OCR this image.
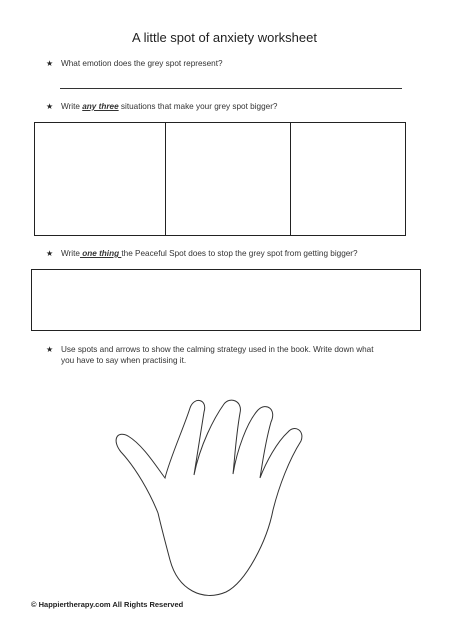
A little spot of anxiety worksheet
★ What emotion does the grey spot represent?
★ Write any three situations that make your grey spot bigger?
★ Write one thing the Peaceful Spot does to stop the grey spot from getting bigger?
★ Use spots and arrows to show the calming strategy used in the book. Write down what
you have to say when practising it.
© Happiertherapy.com All Rights Reserved
